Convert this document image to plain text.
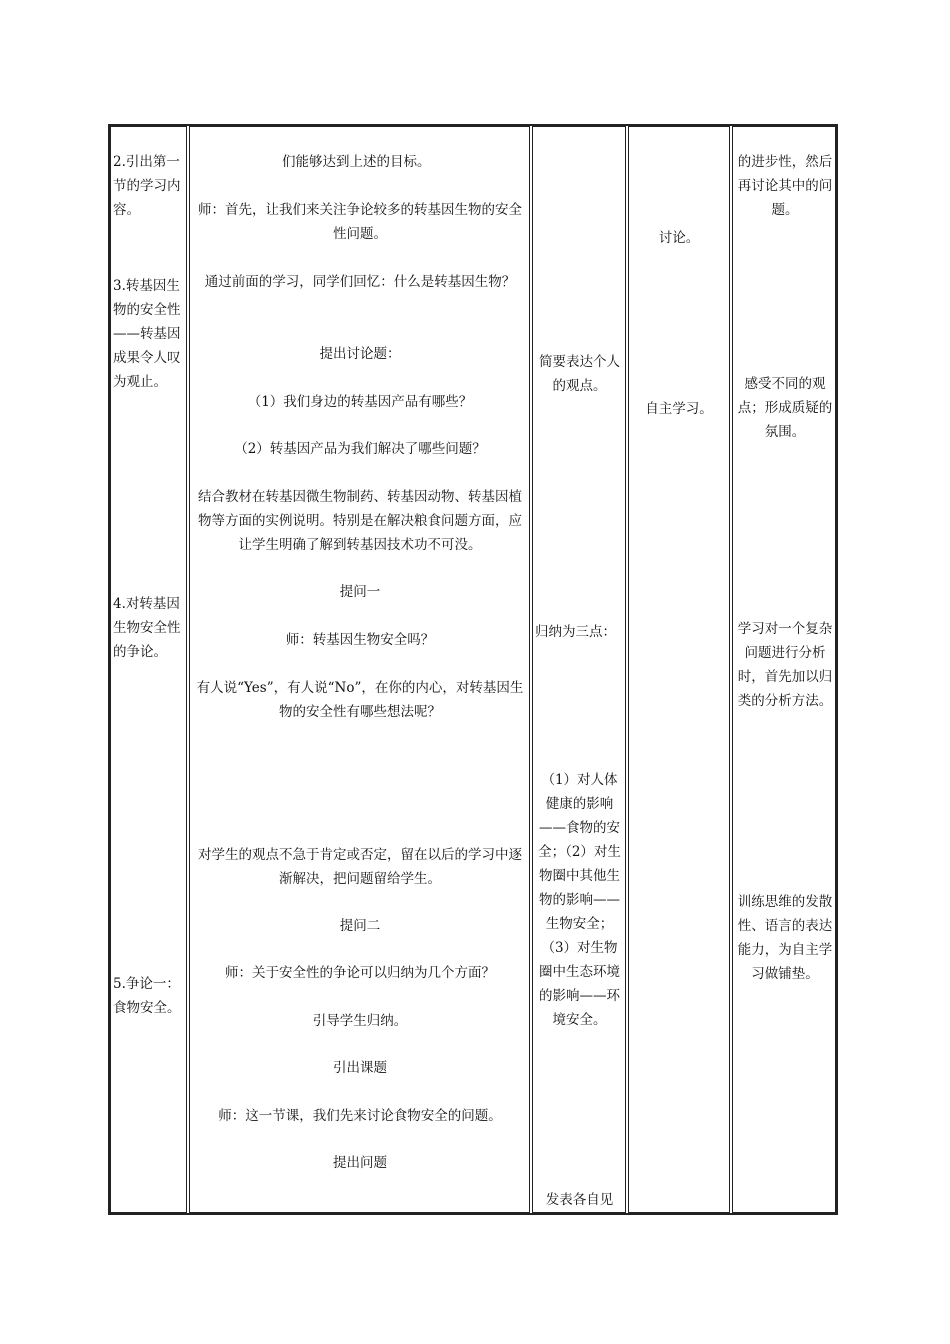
2.引出第一节的学习内容。
3.转基因生物的安全性——转基因成果令人叹为观止。
4.对转基因生物安全性的争论。
5.争论一：食物安全。
们能够达到上述的目标。
师：首先，让我们来关注争论较多的转基因生物的安全性问题。
通过前面的学习，同学们回忆：什么是转基因生物？
提出讨论题：
（1）我们身边的转基因产品有哪些？
（2）转基因产品为我们解决了哪些问题？
结合教材在转基因微生物制药、转基因动物、转基因植物等方面的实例说明。特别是在解决粮食问题方面，应让学生明确了解到转基因技术功不可没。
提问一
师：转基因生物安全吗？
有人说“Yes”，有人说“No”，在你的内心，对转基因生物的安全性有哪些想法呢？
对学生的观点不急于肯定或否定，留在以后的学习中逐渐解决，把问题留给学生。
提问二
师：关于安全性的争论可以归纳为几个方面？
引导学生归纳。
引出课题
师：这一节课，我们先来讨论食物安全的问题。
提出问题
简要表达个人的观点。
归纳为三点：
（1）对人体健康的影响——食物的安全；（2）对生物圈中其他生物的影响——生物安全；（3）对生物圈中生态环境的影响——环境安全。
发表各自见
讨论。
自主学习。
的进步性，然后再讨论其中的问题。
感受不同的观点；形成质疑的氛围。
学习对一个复杂问题进行分析时，首先加以归类的分析方法。
训练思维的发散性、语言的表达能力，为自主学习做铺垫。
